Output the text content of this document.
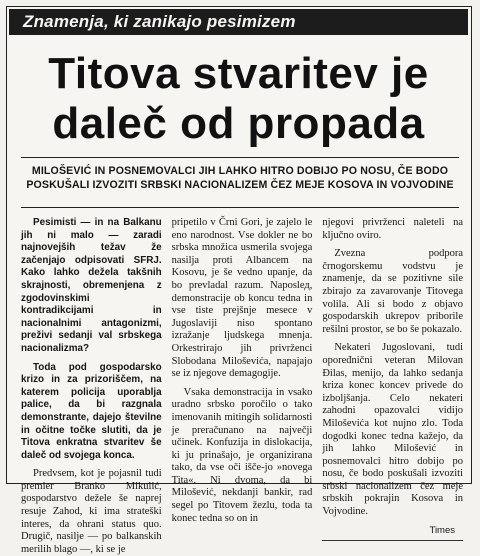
Znamenja, ki zanikajo pesimizem
Titova stvaritev je
daleč od propada
MILOŠEVIĆ IN POSNEMOVALCI JIH LAHKO HITRO DOBIJO PO NOSU, ČE BODO POSKUŠALI IZVOZITI SRBSKI NACIONALIZEM ČEZ MEJE KOSOVA IN VOJVODINE

Pesimisti — in na Balkanu jih ni malo — zaradi najnovejših težav že začenjajo odpisovati SFRJ. Kako lahko dežela takšnih skrajnosti, obremenjena z zgodovinskimi kontradikcijami in nacionalnimi antagonizmi, preživi sedanji val srbskega nacionalizma?

Toda pod gospodarsko krizo in za prizoriščem, na katerem policija uporablja palice, da bi razgnala demonstrante, dajejo številne in očitne točke slutiti, da je Titova enkratna stvaritev še daleč od svojega konca.

Predvsem, kot je pojasnil tudi premier Branko Mikulić, gospodarstvo dežele še naprej resuje Zahod, ki ima strateški interes, da ohrani status quo. Drugič, nasilje — po balkanskih merilih blago —, ki se je

pripetilo v Črni Gori, je zajelo le eno narodnost. Vse dokler ne bo srbska množica usmerila svojega nasilja proti Albancem na Kosovu, je še vedno upanje, da bo prevladal razum. Naposlед, demonstracije ob koncu tedna in vse tiste prejšnje mesece v Jugoslaviji niso spontano izražanje ljudskega mnenja. Orkestrirajo jih privrženci Slobodana Miloševića, napajajo se iz njegove demagogije.

Vsaka demonstracija in vsako uradno srbsko poročilo o tako imenovanih mitingih solidarnosti je preračunano na največji učinek. Konfuzija in dislokacija, ki ju prinašajo, je organizirana tako, da vse oči išče-jo »novega Tita«. Ni dvoma, da bi Milošević, nekdanji bankir, rad segel po Titovem žezlu, toda ta konec tedna so on in

njegovi privrženci naleteli na ključno oviro.

Zvezna podpora črnogorskemu vodstvu je znamenje, da se pozitivne sile zbirajo za zavarovanje Titovega volila. Ali si bodo z objavo gospodarskih ukrepov priborile rešilni prostor, se bo še pokazalo.

Nekateri Jugoslovani, tudi opoređnični veteran Milovan Đilas, menijo, da lahko sedanja kriza konec koncev privede do izboljšanja. Celo nekateri zahodni opazovalci vidijo Miloševića kot nujno zlo. Toda dogodki konec tedna kažejo, da jih lahko Milošević in posnemovalci hitro dobijo po nosu, če bodo poskušali izvoziti srbski nacionalizem čez meje srbskih pokrajin Kosova in Vojvodine.

Times
